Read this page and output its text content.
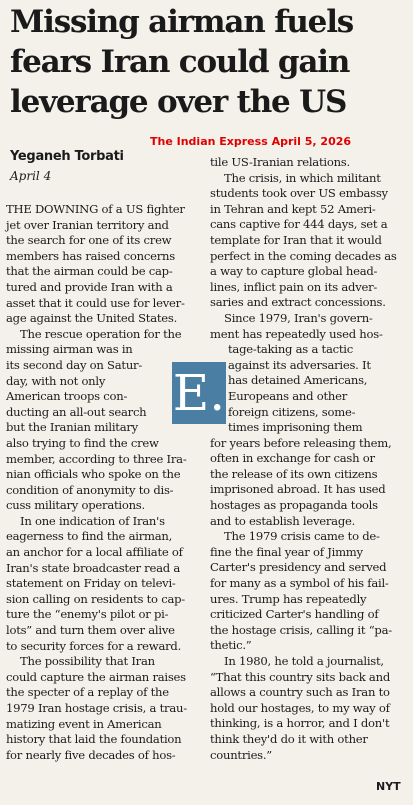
Missing airman fuels
fears Iran could gain
leverage over the US
The Indian Express April 5, 2026
Yeganeh Torbati
April 4
THE DOWNING of a US fighter
jet over Iranian territory and
the search for one of its crew
members has raised concerns
that the airman could be cap-
tured and provide Iran with a
asset that it could use for lever-
age against the United States.
The rescue operation for the
missing airman was in
its second day on Satur-
day, with not only
American troops con-
ducting an all-out search
but the Iranian military
also trying to find the crew
member, according to three Ira-
nian officials who spoke on the
condition of anonymity to dis-
cuss military operations.
In one indication of Iran's
eagerness to find the airman,
an anchor for a local affiliate of
Iran's state broadcaster read a
statement on Friday on televi-
sion calling on residents to cap-
ture the “enemy's pilot or pi-
lots” and turn them over alive
to security forces for a reward.
The possibility that Iran
could capture the airman raises
the specter of a replay of the
1979 Iran hostage crisis, a trau-
matizing event in American
history that laid the foundation
for nearly five decades of hos-
tile US-Iranian relations.
The crisis, in which militant
students took over US embassy
in Tehran and kept 52 Ameri-
cans captive for 444 days, set a
template for Iran that it would
perfect in the coming decades as
a way to capture global head-
lines, inflict pain on its adver-
saries and extract concessions.
Since 1979, Iran's govern-
ment has repeatedly used hos-
tage-taking as a tactic
against its adversaries. It
has detained Americans,
Europeans and other
foreign citizens, some-
times imprisoning them
for years before releasing them,
often in exchange for cash or
the release of its own citizens
imprisoned abroad. It has used
hostages as propaganda tools
and to establish leverage.
The 1979 crisis came to de-
fine the final year of Jimmy
Carter's presidency and served
for many as a symbol of his fail-
ures. Trump has repeatedly
criticized Carter's handling of
the hostage crisis, calling it “pa-
thetic.”
In 1980, he told a journalist,
“That this country sits back and
allows a country such as Iran to
hold our hostages, to my way of
thinking, is a horror, and I don't
think they'd do it with other
countries.”
E.
NYT
